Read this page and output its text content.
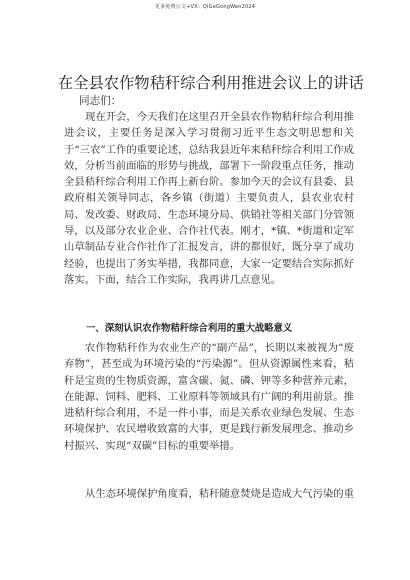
更多免费公文+VX：QiGeGongWen2024
在全县农作物秸秆综合利用推进会议上的讲话
同志们：

现在开会，今天我们在这里召开全县农作物秸秆综合利用推进会议，主要任务是深入学习贯彻习近平生态文明思想和关于“三农”工作的重要论述，总结我县近年来秸秆综合利用工作成效，分析当前面临的形势与挑战，部署下一阶段重点任务，推动全县秸秆综合利用工作再上新台阶。参加今天的会议有县委、县政府相关领导同志，各乡镇（街道）主要负责人，县农业农村局、发改委、财政局、生态环境分局、供销社等相关部门分管领导，以及部分农业企业、合作社代表。刚才，*镇、*街道和定军山草制品专业合作社作了汇报发言，讲的都很好，既分享了成功经验，也提出了务实举措，我都同意，大家一定要结合实际抓好落实。下面，结合工作实际，我再讲几点意见。

一、深刻认识农作物秸秆综合利用的重大战略意义

农作物秸秆作为农业生产的“副产品”，长期以来被视为“废弃物”，甚至成为环境污染的“污染源”。但从资源属性来看，秸秆是宝贵的生物质资源，富含碳、氮、磷、钾等多种营养元素，在能源、饲料、肥料、工业原料等领域具有广阔的利用前景。推进秸秆综合利用，不是一件小事，而是关系农业绿色发展、生态环境保护、农民增收致富的大事，更是践行新发展理念、推动乡村振兴、实现“双碳”目标的重要举措。

从生态环境保护角度看，秸秆随意焚烧是造成大气污染的重
